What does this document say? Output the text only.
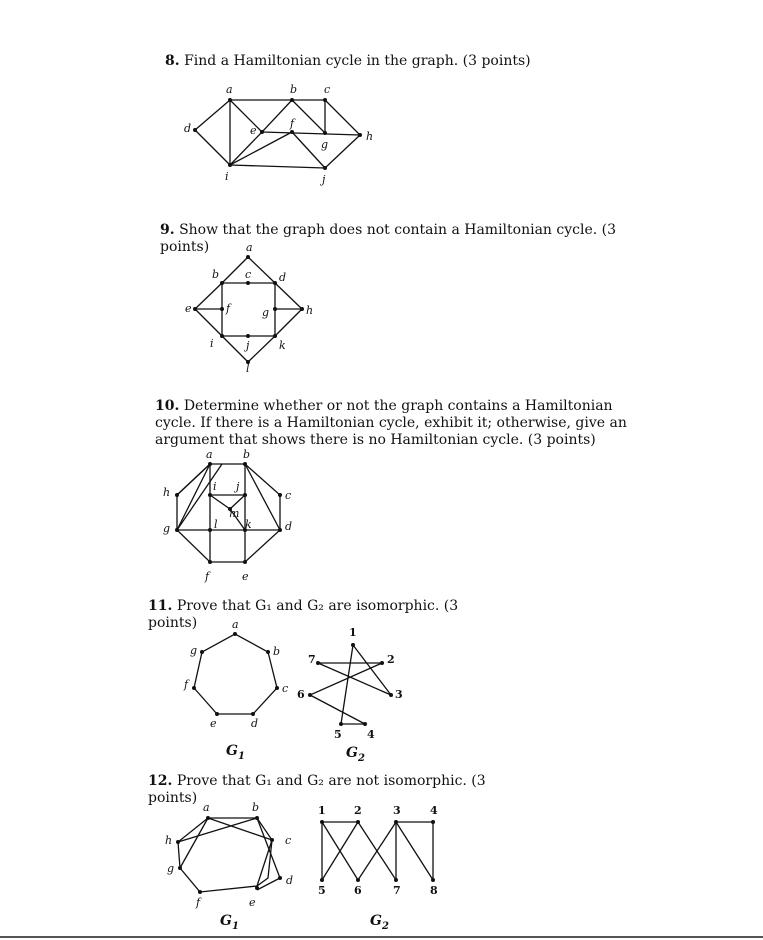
8. Find a Hamiltonian cycle in the graph. (3 points)
a	b c
d	e
f
g
h
i	j
a
b c	d
e	f	g	h
i	j	k
l
a	b
c
d
e
f
g
h	i j
k
l
m
a
b
c
d
e
f
g
1
2
3
4
5
6
7
a	b
c
d
e
f
g
h
1	2	3	4
5	6	7	8
9. Show that the graph does not contain a Hamiltonian cycle. (3 points)
10. Determine whether or not the graph contains a Hamiltonian cycle. If there is a Hamiltonian cycle, exhibit it; otherwise, give an argument that shows there is no Hamiltonian cycle. (3 points)
11. Prove that G₁ and G₂ are isomorphic. (3 points)
$G_1$	$G_2$
12. Prove that G₁ and G₂ are not isomorphic. (3 points)
$G_1$	$G_2$
